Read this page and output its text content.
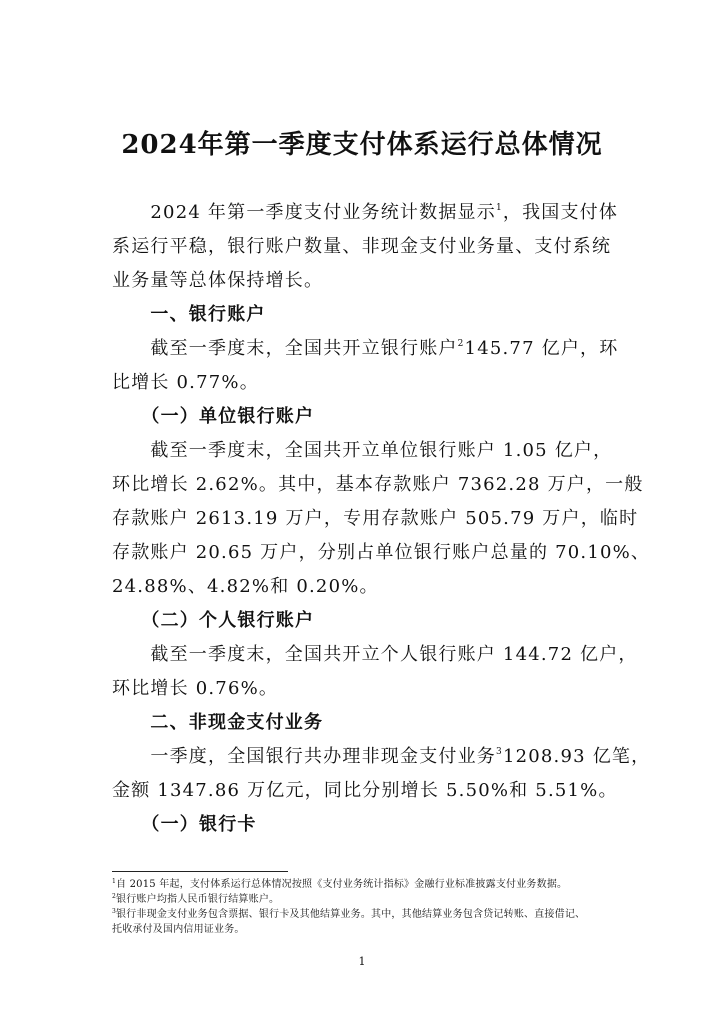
2024年第一季度支付体系运行总体情况
　　2024 年第一季度支付业务统计数据显示$^1$，我国支付体
系运行平稳，银行账户数量、非现金支付业务量、支付系统
业务量等总体保持增长。
　　一、银行账户
　　截至一季度末，全国共开立银行账户$^2$145.77 亿户，环
比增长 0.77%。
　　（一）单位银行账户
　　截至一季度末，全国共开立单位银行账户 1.05 亿户，
环比增长 2.62%。其中，基本存款账户 7362.28 万户，一般
存款账户 2613.19 万户，专用存款账户 505.79 万户，临时
存款账户 20.65 万户，分别占单位银行账户总量的 70.10%、
24.88%、4.82%和 0.20%。
　　（二）个人银行账户
　　截至一季度末，全国共开立个人银行账户 144.72 亿户，
环比增长 0.76%。
　　二、非现金支付业务
　　一季度，全国银行共办理非现金支付业务$^3$1208.93 亿笔，
金额 1347.86 万亿元，同比分别增长 5.50%和 5.51%。
　　（一）银行卡
$^1$自 2015 年起，支付体系运行总体情况按照《支付业务统计指标》金融行业标准披露支付业务数据。
$^2$银行账户均指人民币银行结算账户。
$^3$银行非现金支付业务包含票据、银行卡及其他结算业务。其中，其他结算业务包含贷记转账、直接借记、
托收承付及国内信用证业务。
1
